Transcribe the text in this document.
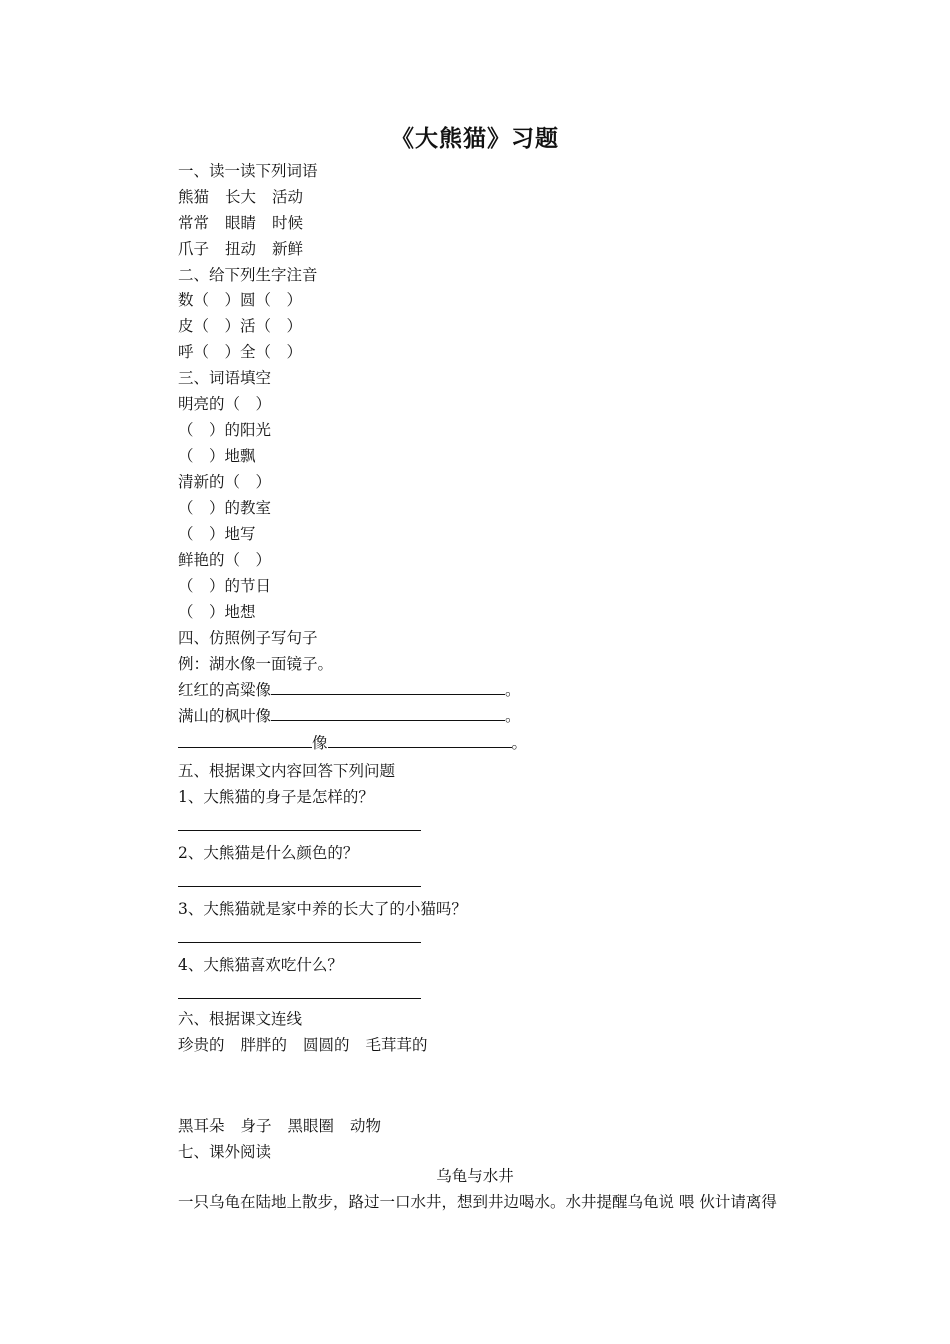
《大熊猫》习题
一、读一读下列词语
熊猫 长大 活动
常常 眼睛 时候
爪子 扭动 新鲜
二、给下列生字注音
数（　）圆（　）
皮（　）活（　）
呼（　）全（　）
三、词语填空
明亮的（　）
（　）的阳光
（　）地飘
清新的（　）
（　）的教室
（　）地写
鲜艳的（　）
（　）的节日
（　）地想
四、仿照例子写句子
例：湖水像一面镜子。
红红的高粱像	。
满山的枫叶像	。
像	。
五、根据课文内容回答下列问题
1、大熊猫的身子是怎样的？
2、大熊猫是什么颜色的？
3、大熊猫就是家中养的长大了的小猫吗？
4、大熊猫喜欢吃什么？
六、根据课文连线
珍贵的 胖胖的 圆圆的 毛茸茸的
黑耳朵 身子 黑眼圈 动物
七、课外阅读
乌龟与水井
一只乌龟在陆地上散步，路过一口水井，想到井边喝水。水井提醒乌龟说 喂 伙计请离得
